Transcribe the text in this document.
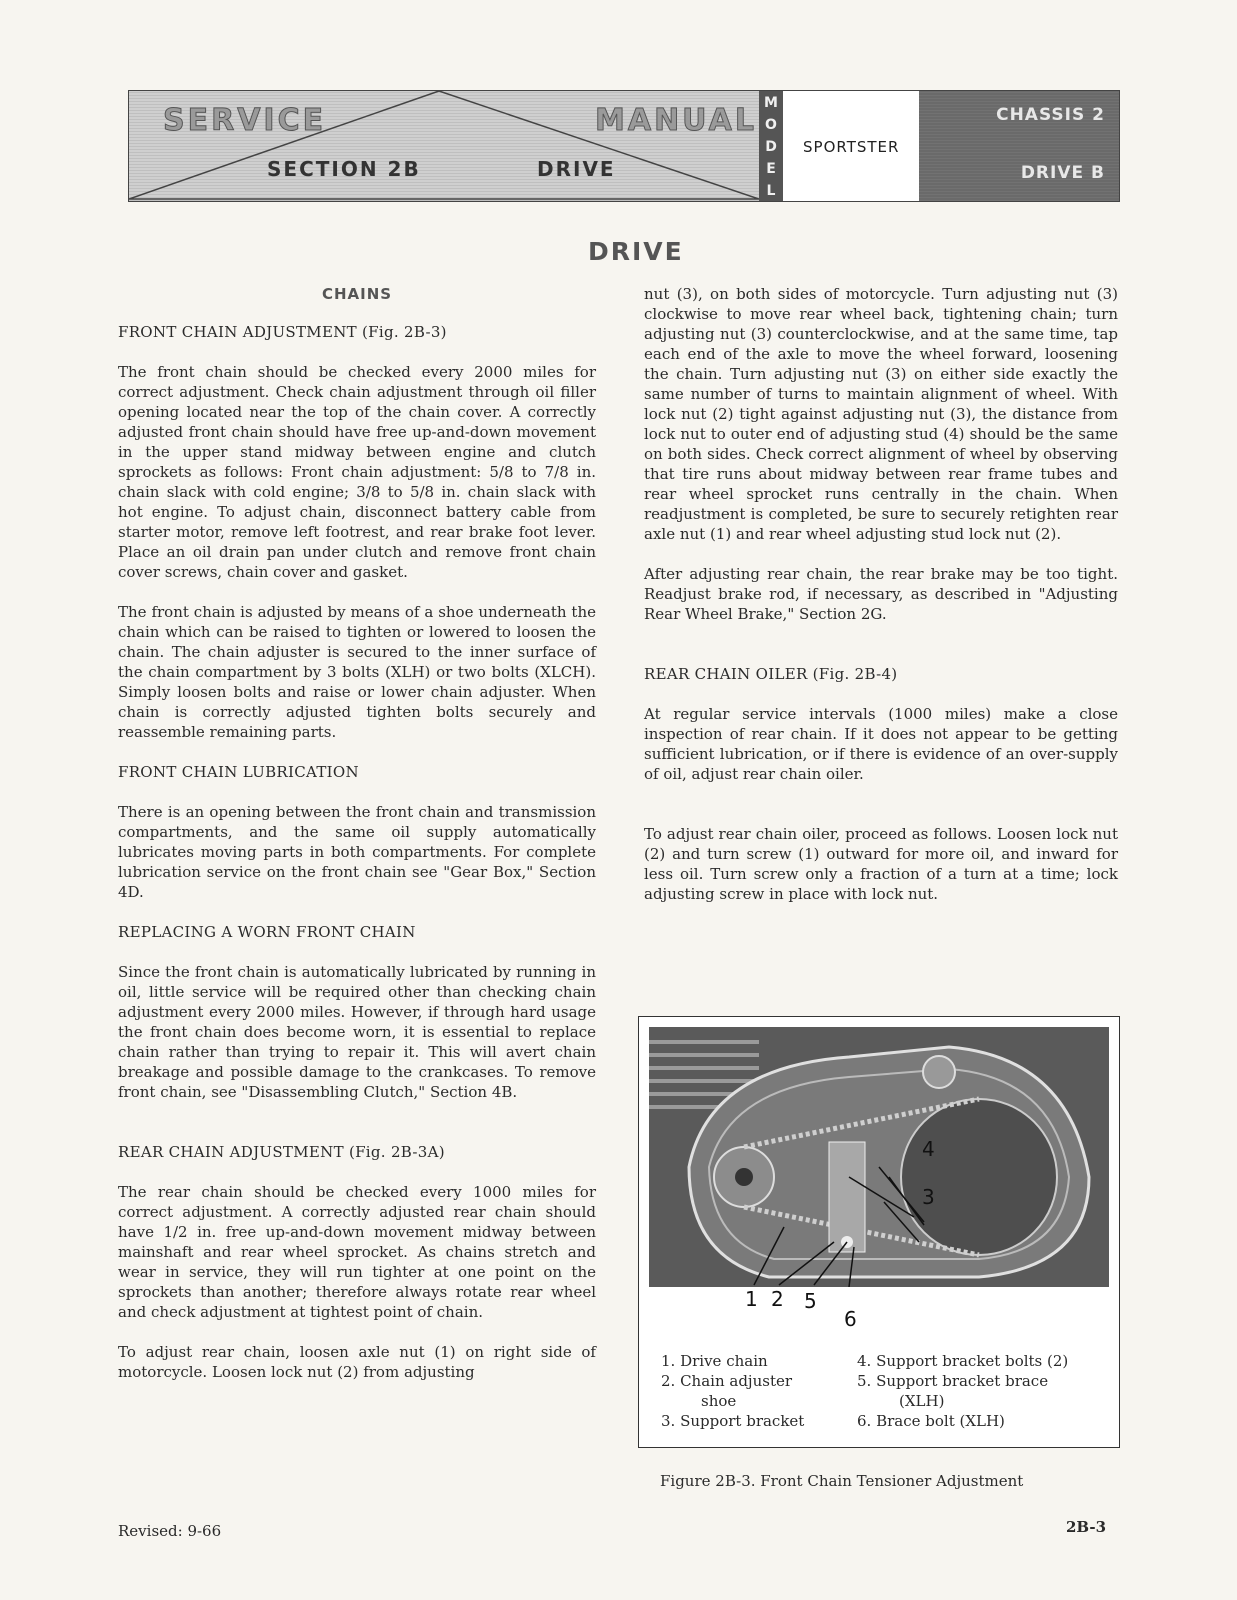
SERVICE	MANUAL
SECTION 2B	DRIVE
M
O
D
E
L
SPORTSTER
CHASSIS 2
DRIVE B
DRIVE
CHAINS
FRONT CHAIN ADJUSTMENT (Fig. 2B-3)

The front chain should be checked every 2000 miles for correct adjustment. Check chain adjustment through oil filler opening located near the top of the chain cover. A correctly adjusted front chain should have free up-and-down movement in the upper stand midway between engine and clutch sprockets as follows: Front chain adjustment: 5/8 to 7/8 in. chain slack with cold engine; 3/8 to 5/8 in. chain slack with hot engine. To adjust chain, disconnect battery cable from starter motor, remove left footrest, and rear brake foot lever. Place an oil drain pan under clutch and remove front chain cover screws, chain cover and gasket.

The front chain is adjusted by means of a shoe underneath the chain which can be raised to tighten or lowered to loosen the chain. The chain adjuster is secured to the inner surface of the chain compartment by 3 bolts (XLH) or two bolts (XLCH). Simply loosen bolts and raise or lower chain adjuster. When chain is correctly adjusted tighten bolts securely and reassemble remaining parts.

FRONT CHAIN LUBRICATION

There is an opening between the front chain and transmission compartments, and the same oil supply automatically lubricates moving parts in both compartments. For complete lubrication service on the front chain see "Gear Box," Section 4D.

REPLACING A WORN FRONT CHAIN

Since the front chain is automatically lubricated by running in oil, little service will be required other than checking chain adjustment every 2000 miles. However, if through hard usage the front chain does become worn, it is essential to replace chain rather than trying to repair it. This will avert chain breakage and possible damage to the crankcases. To remove front chain, see "Disassembling Clutch," Section 4B.

REAR CHAIN ADJUSTMENT (Fig. 2B-3A)

The rear chain should be checked every 1000 miles for correct adjustment. A correctly adjusted rear chain should have 1/2 in. free up-and-down movement midway between mainshaft and rear wheel sprocket. As chains stretch and wear in service, they will run tighter at one point on the sprockets than another; therefore always rotate rear wheel and check adjustment at tightest point of chain.

To adjust rear chain, loosen axle nut (1) on right side of motorcycle. Loosen lock nut (2) from adjusting

nut (3), on both sides of motorcycle. Turn adjusting nut (3) clockwise to move rear wheel back, tightening chain; turn adjusting nut (3) counterclockwise, and at the same time, tap each end of the axle to move the wheel forward, loosening the chain. Turn adjusting nut (3) on either side exactly the same number of turns to maintain alignment of wheel. With lock nut (2) tight against adjusting nut (3), the distance from lock nut to outer end of adjusting stud (4) should be the same on both sides. Check correct alignment of wheel by observing that tire runs about midway between rear frame tubes and rear wheel sprocket runs centrally in the chain. When readjustment is completed, be sure to securely retighten rear axle nut (1) and rear wheel adjusting stud lock nut (2).

After adjusting rear chain, the rear brake may be too tight. Readjust brake rod, if necessary, as described in "Adjusting Rear Wheel Brake," Section 2G.

REAR CHAIN OILER (Fig. 2B-4)

At regular service intervals (1000 miles) make a close inspection of rear chain. If it does not appear to be getting sufficient lubrication, or if there is evidence of an over-supply of oil, adjust rear chain oiler.

To adjust rear chain oiler, proceed as follows. Loosen lock nut (2) and turn screw (1) outward for more oil, and inward for less oil. Turn screw only a fraction of a turn at a time; lock adjusting screw in place with lock nut.

4
3
1 2 5
6
1. Drive chain
2. Chain adjuster
shoe
3. Support bracket
4. Support bracket bolts (2)
5. Support bracket brace
(XLH)
6. Brace bolt (XLH)
Figure 2B-3. Front Chain Tensioner Adjustment
Revised: 9-66	2B-3
